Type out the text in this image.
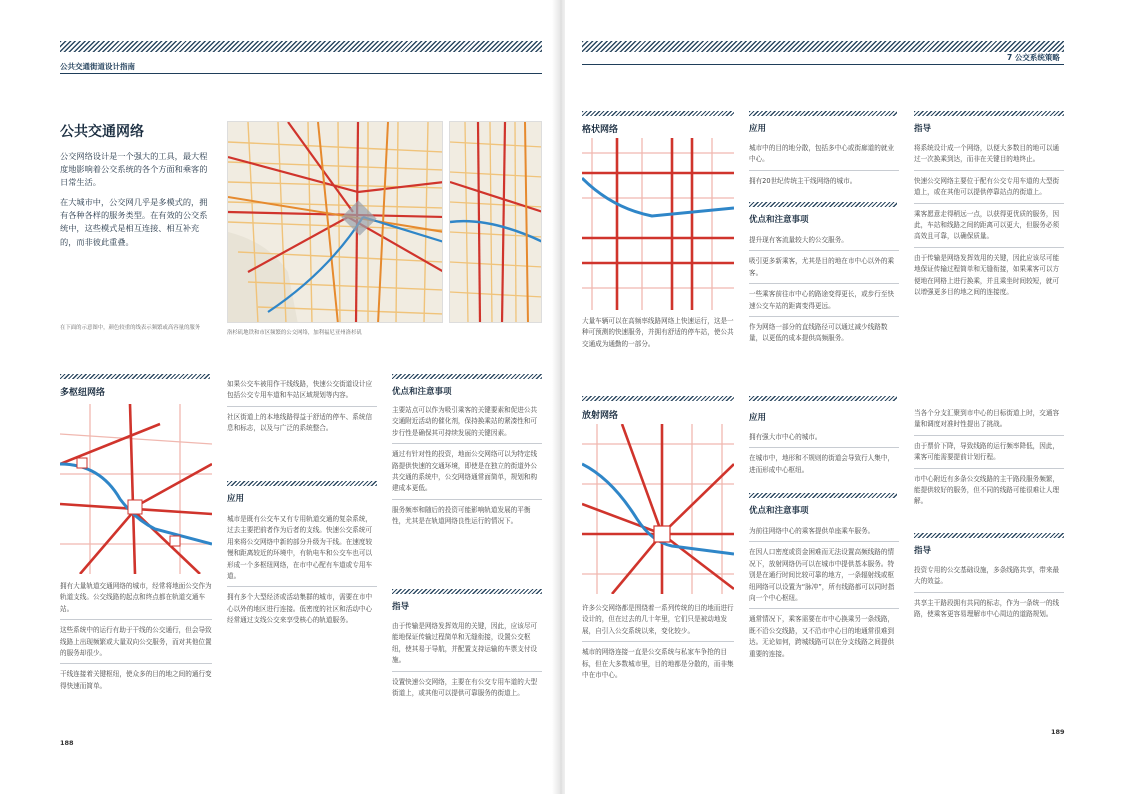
公共交通街道设计指南
公共交通网络
公交网络设计是一个强大的工具，最大程度地影响着公交系统的各个方面和乘客的日常生活。
在大城市中，公交网几乎是多模式的，拥有各种各样的服务类型。在有效的公交系统中，这些模式是相互连接、相互补充的，而非彼此重叠。
在下面的示意图中，颜色较重的线表示频繁或高容量的服务
洛杉矶地铁和市区频繁的公交网络，加利福尼亚州洛杉矶
多枢纽网络
拥有大量轨道交通网络的城市，经常将地面公交作为轨道支线。公交线路的起点和终点都在轨道交通车站。
这些系统中的运行有助于干线的公交通行，但会导致线路上出现频繁或大量双向公交服务，而对其他位置的服务却很少。
干线连接着关键枢纽，使众多的目的地之间的通行变得快速而简单。
如果公交车被用作干线线路，快速公交街道设计应包括公交专用车道和车站区域规划等内容。
社区街道上的本地线路得益于舒适的停车、系统信息和标志，以及与广泛的系统整合。
应用
城市是既有公交车又有专用轨道交通的复杂系统，过去主要把前者作为后者的支线。快速公交系统可用来将公交网络中新的部分升级为干线。在速度较慢和距离较近的环境中，有轨电车和公交车也可以形成一个多枢纽网络，在市中心配有车道或专用车道。
拥有多个大型经济或活动集群的城市，需要在市中心以外的地区进行连接。低密度的社区和活动中心经常通过支线公交来享受核心的轨道服务。
优点和注意事项
主要站点可以作为吸引乘客的关键要素和促进公共交通附近活动的催化剂，保持换乘站的紧凑性和可步行性是确保其可持续发展的关键因素。
通过有针对性的投资，地面公交网络可以为特定线路提供快速的交通环境，即使是在独立的街道外公共交通的系统中，公交网络通常面简单，规划和构建成本更低。
服务频率和随后的投资可能影响轨道发展的平衡性，尤其是在轨道网络良性运行的情况下。
指导
由于传输是网络发挥效用的关键，因此，应该尽可能地保证传输过程简单和无缝衔接，设置公交枢纽，使其易于导航，并配置支持运输的车票支付设施。
设置快速公交网络，主要在有公交专用车道的大型街道上，或其他可以提供可靠服务的街道上。
188
7 公交系统策略
格状网络
大量车辆可以在高频率线路网络上快速运行，这是一种可预测的快速服务，并拥有舒适的停车站，使公共交通成为通勤的一部分。
应用
城市中的目的地分散，包括多中心或街廊道的就业中心。
拥有20世纪传统主干线网络的城市。
优点和注意事项
提升现有客流量较大的公交服务。
吸引更多新乘客，尤其是目的地在市中心以外的乘客。
一些乘客前往市中心的路途变得更长，或步行至快速公交车站的距离变得更远。
作为网络一部分的直线路径可以通过减少线路数量，以更低的成本提供高频服务。
指导
将系统设计成一个网络，以便大多数目的地可以通过一次换乘到达，而非在关键目的地终止。
快速公交网络主要位于配有公交专用车道的大型街道上，或在其他可以提供停靠站点的街道上。
乘客愿意走得稍远一点，以获得更优质的服务，因此，车站和线路之间的距离可以更大，但服务必须高效且可靠，以确保质量。
由于传输是网络发挥效用的关键，因此应该尽可能地保证传输过程简单和无缝衔接，如果乘客可以方便地在网格上进行换乘，并且乘坐时间较短，就可以增强更多目的地之间的连接度。
放射网络
许多公交网络都是围绕着一系列传统的目的地而进行设计的，但在过去的几十年里，它们只是被动地发展，自引入公交系统以来，变化较少。
城市的网络连接一直是公交系统与私家车争抢的目标，但在大多数城市里，目的地都是分散的，而非集中在市中心。
应用
拥有强大市中心的城市。
在城市中，地形和不规则的街道会导致行人集中，进而形成中心枢纽。
优点和注意事项
为前往网络中心的乘客提供单座乘车服务。
在因人口密度或资金困难而无法设置高频线路的情况下，放射网络仍可以在城市中提供基本服务。特别是在通行时间比较可靠的地方，一条辐射线或枢纽网络可以设置为“脉冲”，所有线路都可以同时指向一个中心枢纽。
通常情况下，乘客需要在市中心换乘另一条线路，既不沿公交线路，又不沿市中心目的地通常很难到达。无论如何，跨城线路可以在分支线路之间提供重要的连接。
当各个分支汇聚到市中心的目标街道上时，交通容量和调度对准时性提出了挑战。
由于票价下降，导致线路的运行频率降低，因此，乘客可能需要提前计划行程。
市中心附近有多条公交线路的主干路段服务频繁，能提供较好的服务，但不同的线路可能很难让人理解。
指导
投资专用的公交基础设施，多条线路共享，带来最大的效益。
共享主干路段拥有共同的标志，作为一条统一的线路，使乘客更容易理解市中心周边的道路规划。
189
